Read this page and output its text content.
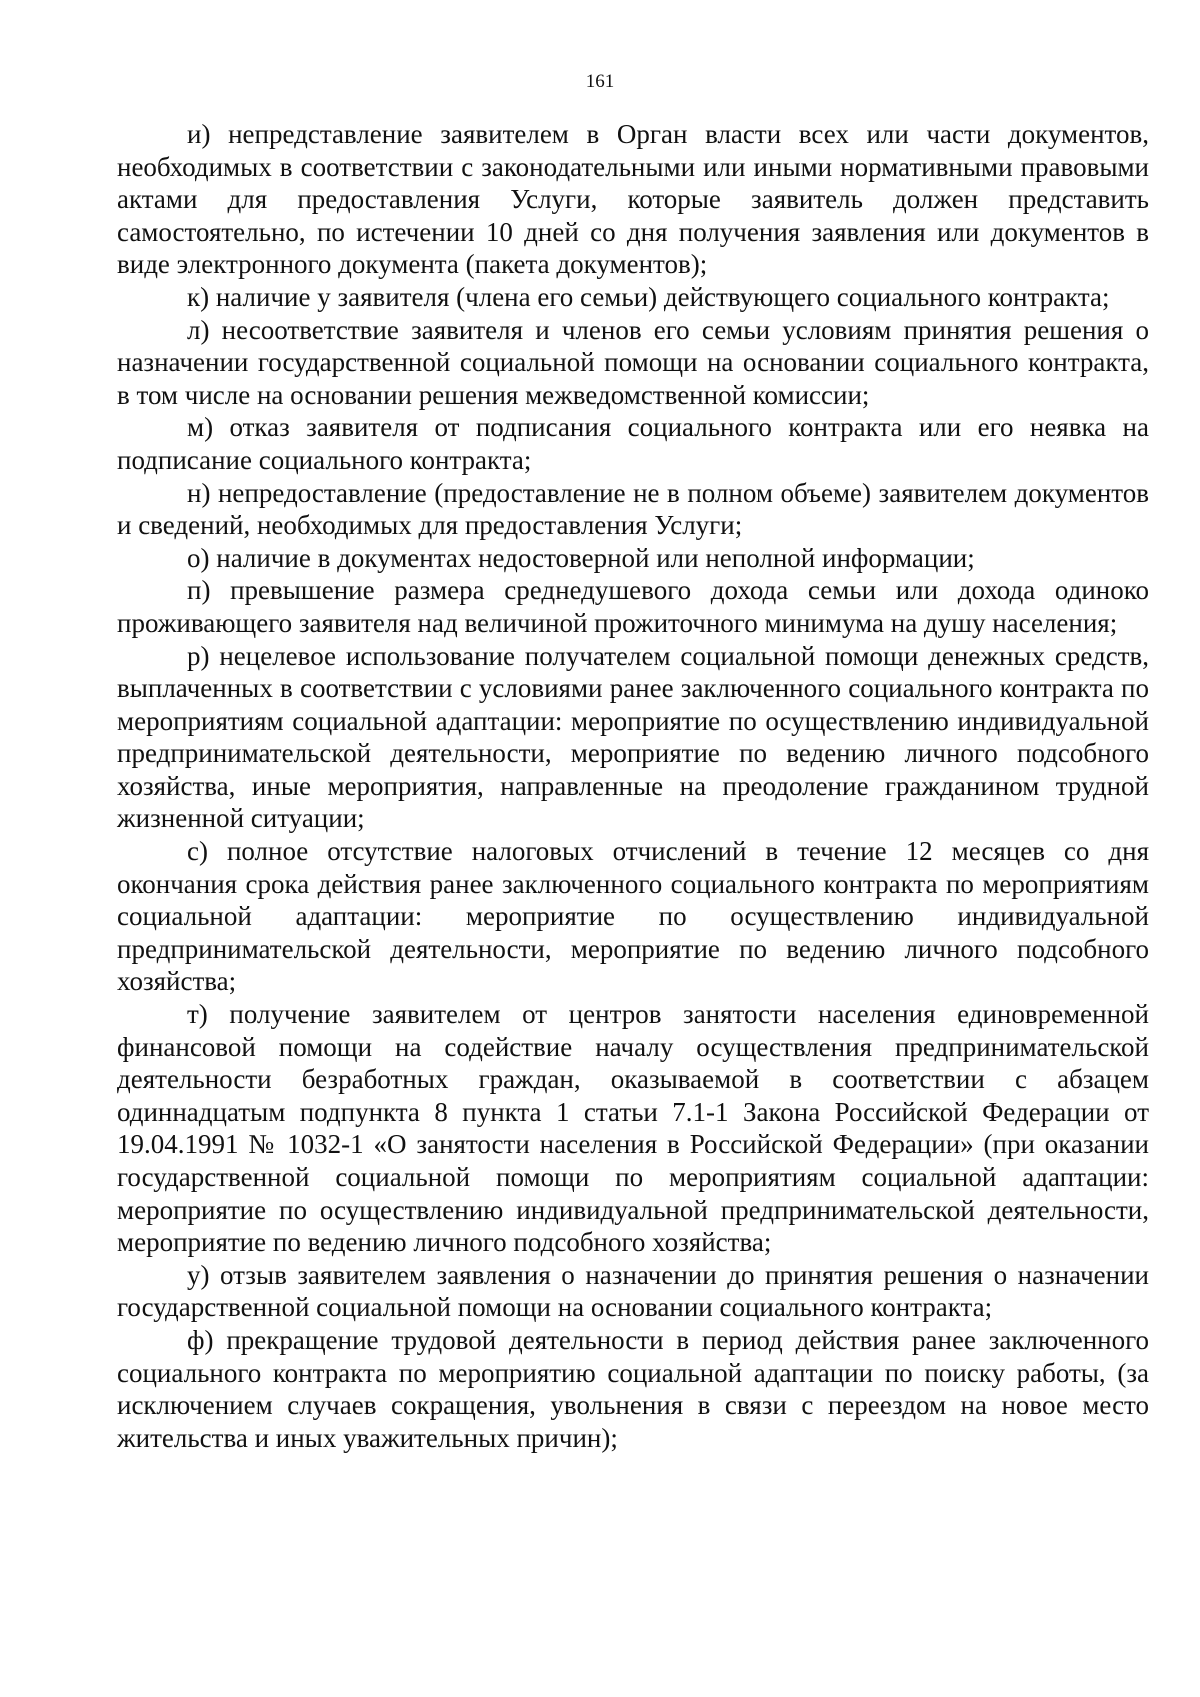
161

и) непредставление заявителем в Орган власти всех или части документов, необходимых в соответствии с законодательными или иными нормативными правовыми актами для предоставления Услуги, которые заявитель должен представить самостоятельно, по истечении 10 дней со дня получения заявления или документов в виде электронного документа (пакета документов);

к) наличие у заявителя (члена его семьи) действующего социального контракта;

л) несоответствие заявителя и членов его семьи условиям принятия решения о назначении государственной социальной помощи на основании социального контракта, в том числе на основании решения межведомственной комиссии;

м) отказ заявителя от подписания социального контракта или его неявка на подписание социального контракта;

н) непредоставление (предоставление не в полном объеме) заявителем документов и сведений, необходимых для предоставления Услуги;

о) наличие в документах недостоверной или неполной информации;

п) превышение размера среднедушевого дохода семьи или дохода одиноко проживающего заявителя над величиной прожиточного минимума на душу населения;

р) нецелевое использование получателем социальной помощи денежных средств, выплаченных в соответствии с условиями ранее заключенного социального контракта по мероприятиям социальной адаптации: мероприятие по осуществлению индивидуальной предпринимательской деятельности, мероприятие по ведению личного подсобного хозяйства, иные мероприятия, направленные на преодоление гражданином трудной жизненной ситуации;

с) полное отсутствие налоговых отчислений в течение 12 месяцев со дня окончания срока действия ранее заключенного социального контракта по мероприятиям социальной адаптации: мероприятие по осуществлению индивидуальной предпринимательской деятельности, мероприятие по ведению личного подсобного хозяйства;

т) получение заявителем от центров занятости населения единовременной финансовой помощи на содействие началу осуществления предпринимательской деятельности безработных граждан, оказываемой в соответствии с абзацем одиннадцатым подпункта 8 пункта 1 статьи 7.1-1 Закона Российской Федерации от 19.04.1991 № 1032-1 «О занятости населения в Российской Федерации» (при оказании государственной социальной помощи по мероприятиям социальной адаптации: мероприятие по осуществлению индивидуальной предпринимательской деятельности, мероприятие по ведению личного подсобного хозяйства;

у) отзыв заявителем заявления о назначении до принятия решения о назначении государственной социальной помощи на основании социального контракта;

ф) прекращение трудовой деятельности в период действия ранее заключенного социального контракта по мероприятию социальной адаптации по поиску работы, (за исключением случаев сокращения, увольнения в связи с переездом на новое место жительства и иных уважительных причин);
